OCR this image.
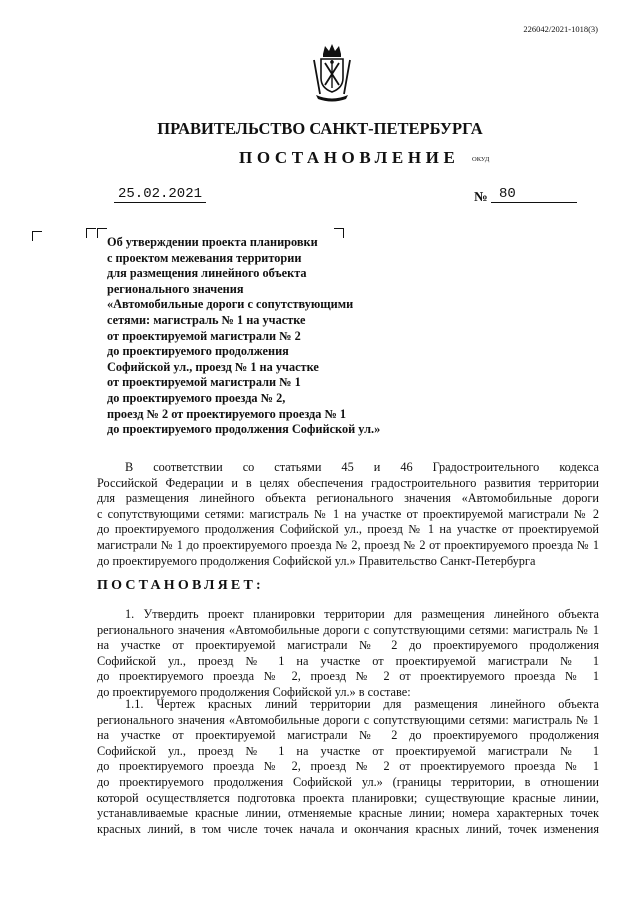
226042/2021-1018(3)
ПРАВИТЕЛЬСТВО САНКТ-ПЕТЕРБУРГА
ПОСТАНОВЛЕНИЕ ОКУД
25.02.2021	№ 80
Об утверждении проекта планировки
с проектом межевания территории
для размещения линейного объекта
регионального значения
«Автомобильные дороги с сопутствующими
сетями: магистраль № 1 на участке
от проектируемой магистрали № 2
до проектируемого продолжения
Софийской ул., проезд № 1 на участке
от проектируемой магистрали № 1
до проектируемого проезда № 2,
проезд № 2 от проектируемого проезда № 1
до проектируемого продолжения Софийской ул.»
В соответствии со статьями 45 и 46 Градостроительного кодекса
Российской Федерации и в целях обеспечения градостроительного развития территории
для размещения линейного объекта регионального значения «Автомобильные дороги
с сопутствующими сетями: магистраль № 1 на участке от проектируемой магистрали № 2
до проектируемого продолжения Софийской ул., проезд № 1 на участке от проектируемой
магистрали № 1 до проектируемого проезда № 2, проезд № 2 от проектируемого проезда № 1
до проектируемого продолжения Софийской ул.» Правительство Санкт-Петербурга
ПОСТАНОВЛЯЕТ:
1. Утвердить проект планировки территории для размещения линейного объекта
регионального значения «Автомобильные дороги с сопутствующими сетями: магистраль № 1
на участке от проектируемой магистрали № 2 до проектируемого продолжения
Софийской ул., проезд № 1 на участке от проектируемой магистрали № 1
до проектируемого проезда № 2, проезд № 2 от проектируемого проезда № 1
до проектируемого продолжения Софийской ул.» в составе:
1.1. Чертеж красных линий территории для размещения линейного объекта
регионального значения «Автомобильные дороги с сопутствующими сетями: магистраль № 1
на участке от проектируемой магистрали № 2 до проектируемого продолжения
Софийской ул., проезд № 1 на участке от проектируемой магистрали № 1
до проектируемого проезда № 2, проезд № 2 от проектируемого проезда № 1
до проектируемого продолжения Софийской ул.» (границы территории, в отношении
которой осуществляется подготовка проекта планировки; существующие красные линии,
устанавливаемые красные линии, отменяемые красные линии; номера характерных точек
красных линий, в том числе точек начала и окончания красных линий, точек изменения
